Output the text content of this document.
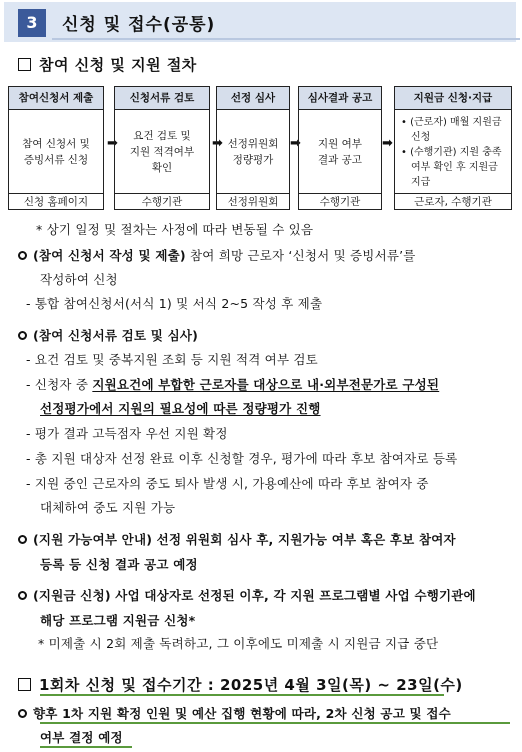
3	신청 및 접수(공통)
참여 신청 및 지원 절차
참여신청서 제출
참여 신청서 및
증빙서류 신청
신청 홈페이지
➡
신청서류 검토
요건 검토 및
지원 적격여부
확인
수행기관
➡
선정 심사
선정위원회
정량평가
선정위원회
➡
심사결과 공고
지원 여부
결과 공고
수행기관
➡
지원금 신청·지급
• (근로자) 매월 지원금 신청
• (수행기관) 지원 충족 여부 확인 후 지원금 지급
근로자, 수행기관
* 상기 일정 및 절차는 사정에 따라 변동될 수 있음
(참여 신청서 작성 및 제출) 참여 희망 근로자 ‘신청서 및 증빙서류’를
작성하여 신청
- 통합 참여신청서(서식 1) 및 서식 2~5 작성 후 제출
(참여 신청서류 검토 및 심사)
- 요건 검토 및 중복지원 조회 등 지원 적격 여부 검토
- 신청자 중 지원요건에 부합한 근로자를 대상으로 내·외부전문가로 구성된
선정평가에서 지원의 필요성에 따른 정량평가 진행
- 평가 결과 고득점자 우선 지원 확정
- 총 지원 대상자 선정 완료 이후 신청할 경우, 평가에 따라 후보 참여자로 등록
- 지원 중인 근로자의 중도 퇴사 발생 시, 가용예산에 따라 후보 참여자 중
대체하여 중도 지원 가능
(지원 가능여부 안내) 선정 위원회 심사 후, 지원가능 여부 혹은 후보 참여자
등록 등 신청 결과 공고 예정
(지원금 신청) 사업 대상자로 선정된 이후, 각 지원 프로그램별 사업 수행기관에
해당 프로그램 지원금 신청*
* 미제출 시 2회 제출 독려하고, 그 이후에도 미제출 시 지원금 지급 중단
1회차 신청 및 접수기간 : 2025년 4월 3일(목) ~ 23일(수)
향후 1차 지원 확정 인원 및 예산 집행 현황에 따라, 2차 신청 공고 및 접수
여부 결정 예정
